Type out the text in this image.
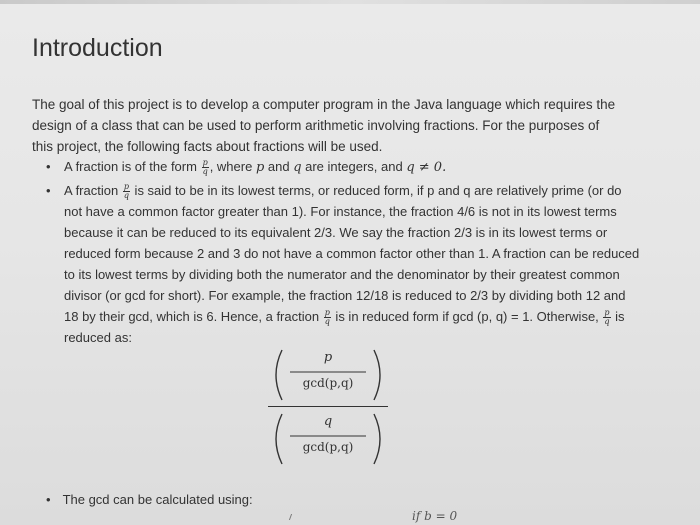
Introduction

The goal of this project is to develop a computer program in the Java language which requires the design of a class that can be used to perform arithmetic involving fractions. For the purposes of this project, the following facts about fractions will be used.

• A fraction is of the form $\frac{p}{q}$ , where p and q are integers, and q ≠ 0.
• A fraction $\frac{p}{q}$ is said to be in its lowest terms, or reduced form, if p and q are relatively prime (or do not have a common factor greater than 1). For instance, the fraction 4/6 is not in its lowest terms because it can be reduced to its equivalent 2/3. We say the fraction 2/3 is in its lowest terms or reduced form because 2 and 3 do not have a common factor other than 1. A fraction can be reduced to its lowest terms by dividing both the numerator and the denominator by their greatest common divisor (or gcd for short). For example, the fraction 12/18 is reduced to 2/3 by dividing both 12 and 18 by their gcd, which is 6. Hence, a fraction $\frac{p}{q}$ is in reduced form if gcd (p, q) = 1. Otherwise, $\frac{p}{q}$ is reduced as:
p
gcd(p,q)
q
gcd(p,q)
• The gcd can be calculated using:
if b = 0
